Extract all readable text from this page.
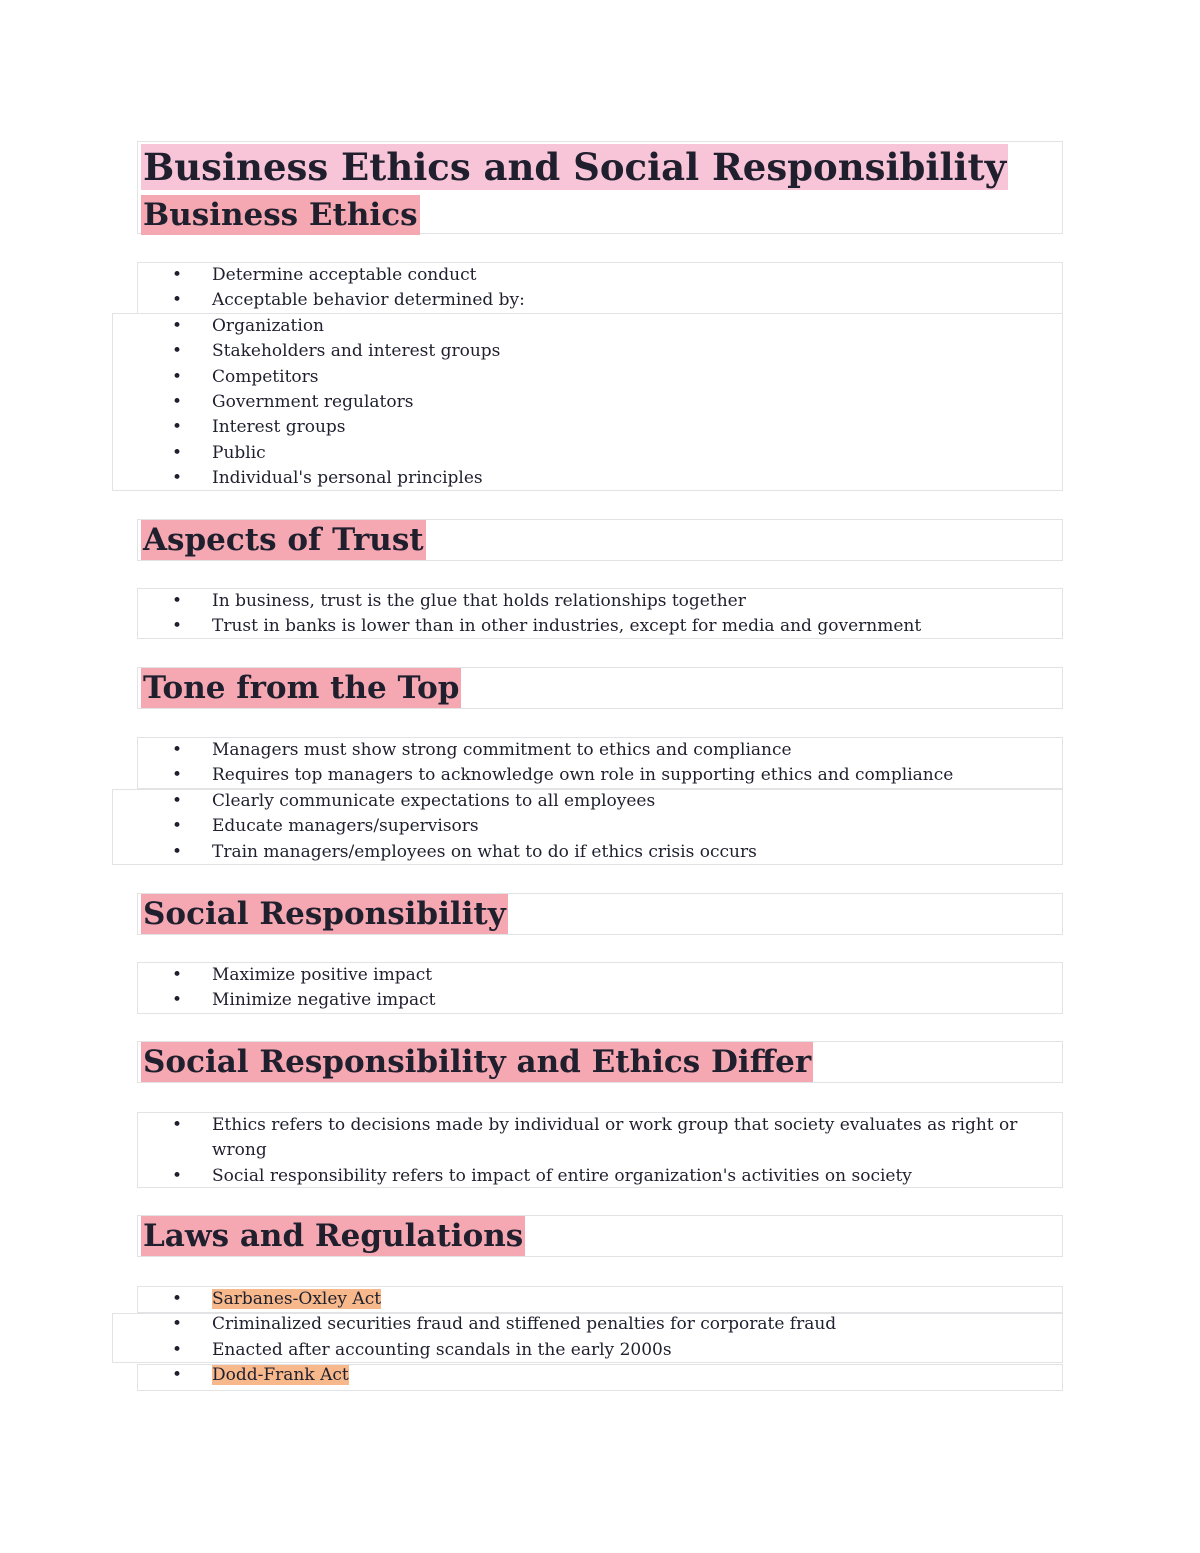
Business Ethics and Social Responsibility
Business Ethics
• Determine acceptable conduct
• Acceptable behavior determined by:
• Organization
• Stakeholders and interest groups
• Competitors
• Government regulators
• Interest groups
• Public
• Individual's personal principles
Aspects of Trust
• In business, trust is the glue that holds relationships together
• Trust in banks is lower than in other industries, except for media and government
Tone from the Top
• Managers must show strong commitment to ethics and compliance
• Requires top managers to acknowledge own role in supporting ethics and compliance
• Clearly communicate expectations to all employees
• Educate managers/supervisors
• Train managers/employees on what to do if ethics crisis occurs
Social Responsibility
• Maximize positive impact
• Minimize negative impact
Social Responsibility and Ethics Differ
• Ethics refers to decisions made by individual or work group that society evaluates as right or wrong
• Social responsibility refers to impact of entire organization's activities on society
Laws and Regulations
• Sarbanes-Oxley Act
• Criminalized securities fraud and stiffened penalties for corporate fraud
• Enacted after accounting scandals in the early 2000s
• Dodd-Frank Act
